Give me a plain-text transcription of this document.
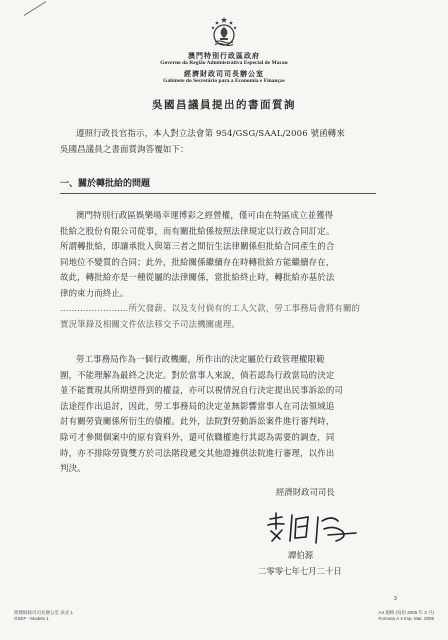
澳門特別行政區政府
Governo da Região Administrativa Especial de Macau
經濟財政司司長辦公室
Gabinete do Secretário para a Economia e Finanças
吳國昌議員提出的書面質詢
遵照行政長官指示，本人對立法會第 954/GSG/SAAL/2006 號函轉來
吳國昌議員之書面質詢答覆如下：
一、關於轉批給的問題
澳門特別行政區娛樂場幸運博彩之經營權，僅可由在特區成立並獲得
批給之股份有限公司從事，而有關批給係按照法律規定以行政合同訂定。
所謂轉批給，即讓承批人與第三者之間衍生法律關係但批給合同產生的合
同地位不變質的合同；此外，批給關係繼續存在時轉批給方能繼續存在，
故此，轉批給亦是一種從屬的法律關係，當批給終止時，轉批給亦基於法
律的束力而終止。
……………………所欠發薪、以及支付倘有的工人欠款，勞工事務局會將有關的
實況筆錄及相關文件依法移交予司法機關處理。
勞工事務局作為一個行政機關，所作出的決定屬於行政管理權限範
圍，不能理解為最終之決定。對於當事人來說，倘若認為行政當局的決定
並不能實現其所期望得到的權益，亦可以視情況自行決定提出民事訴訟的司
法途徑作出追討，因此，勞工事務局的決定並無影響當事人在司法領域追
討有關勞資關係所衍生的債權。此外，法院對勞動訴訟案件進行審判時，
除可才參閱個案中的原有資料外，還可依職權進行其認為需要的調查，同
時，亦不排除勞資雙方於司法階段遞交其他證據供法院進行審理，以作出
判決。
經濟財政司司長
譚伯源
二零零七年七月二十日
3
經濟財政司司長辦公室 表式 1
GSEF - Modelo 1
A4 規格 (每份 2005 年 3 月)
Formato A 4 Imp. Mar. 2005
